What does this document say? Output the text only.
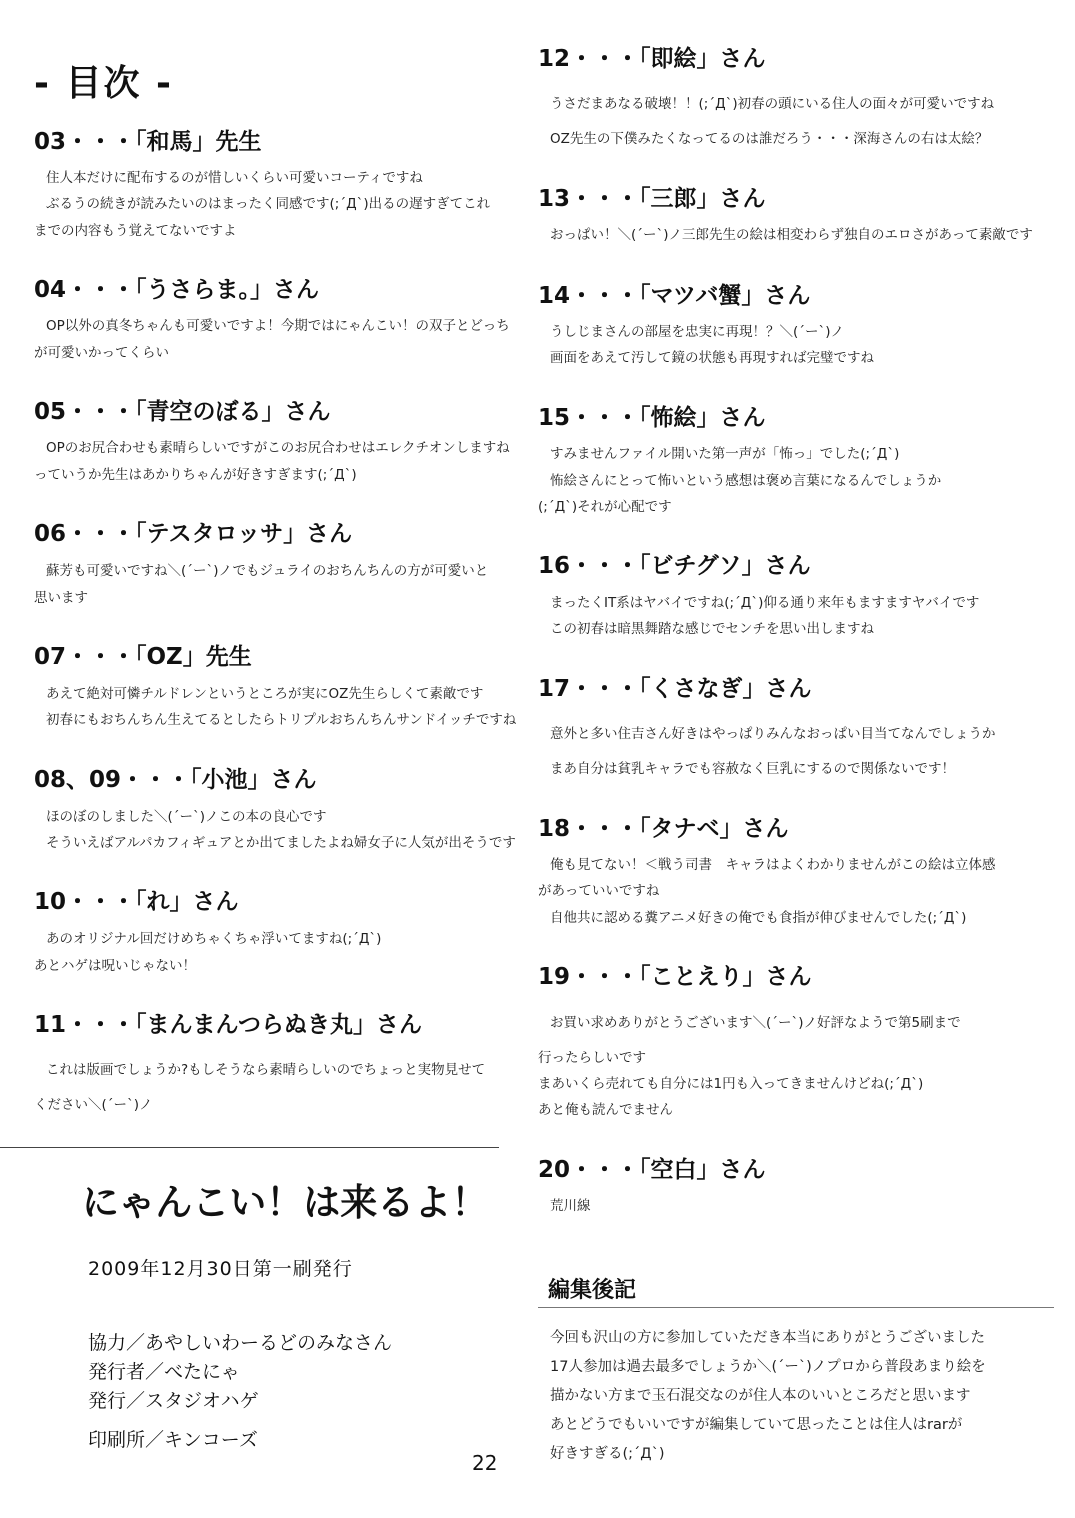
- 目次 -
03・・・「和馬」先生
住人本だけに配布するのが惜しいくらい可愛いコーティですね
ぶるうの続きが読みたいのはまったく同感です(;´Д`)出るの遅すぎてこれ
までの内容もう覚えてないですよ
04・・・「うさらま。」さん
OP以外の真冬ちゃんも可愛いですよ！今期ではにゃんこい！の双子とどっち
が可愛いかってくらい
05・・・「青空のぼる」さん
OPのお尻合わせも素晴らしいですがこのお尻合わせはエレクチオンしますね
っていうか先生はあかりちゃんが好きすぎます(;´Д`)
06・・・「テスタロッサ」さん
蘇芳も可愛いですね＼(´ー`)ノでもジュライのおちんちんの方が可愛いと
思います
07・・・「OZ」先生
あえて絶対可憐チルドレンというところが実にOZ先生らしくて素敵です
初春にもおちんちん生えてるとしたらトリプルおちんちんサンドイッチですね
08、09・・・「小池」さん
ほのぼのしました＼(´ー`)ノこの本の良心です
そういえばアルパカフィギュアとか出てましたよね婦女子に人気が出そうです
10・・・「れ」さん
あのオリジナル回だけめちゃくちゃ浮いてますね(;´Д`)
あとハゲは呪いじゃない！
11・・・「まんまんつらぬき丸」さん
これは版画でしょうか?もしそうなら素晴らしいのでちょっと実物見せて
ください＼(´ー`)ノ
12・・・「即絵」さん
うさだまあなる破壊！！(;´Д`)初春の頭にいる住人の面々が可愛いですね
OZ先生の下僕みたくなってるのは誰だろう・・・深海さんの右は太絵？
13・・・「三郎」さん
おっぱい！＼(´ー`)ノ三郎先生の絵は相変わらず独自のエロさがあって素敵です
14・・・「マツバ蟹」さん
うしじまさんの部屋を忠実に再現！？＼(´ー`)ノ
画面をあえて汚して鏡の状態も再現すれば完璧ですね
15・・・「怖絵」さん
すみませんファイル開いた第一声が「怖っ」でした(;´Д`)
怖絵さんにとって怖いという感想は褒め言葉になるんでしょうか
(;´Д`)それが心配です
16・・・「ビチグソ」さん
まったくIT系はヤバイですね(;´Д`)仰る通り来年もますますヤバイです
この初春は暗黒舞踏な感じでセンチを思い出しますね
17・・・「くさなぎ」さん
意外と多い住吉さん好きはやっぱりみんなおっぱい目当てなんでしょうか
まあ自分は貧乳キャラでも容赦なく巨乳にするので関係ないです！
18・・・「タナベ」さん
俺も見てない！＜戦う司書　キャラはよくわかりませんがこの絵は立体感
があっていいですね
自他共に認める糞アニメ好きの俺でも食指が伸びませんでした(;´Д`)
19・・・「ことえり」さん
お買い求めありがとうございます＼(´ー`)ノ好評なようで第5刷まで
行ったらしいです
まあいくら売れても自分には1円も入ってきませんけどね(;´Д`)
あと俺も読んでません
20・・・「空白」さん
荒川線
にゃんこい！は来るよ！
2009年12月30日第一刷発行
協力／あやしいわーるどのみなさん
発行者／べたにゃ
発行／スタジオハゲ
印刷所／キンコーズ
編集後記
今回も沢山の方に参加していただき本当にありがとうございました
17人参加は過去最多でしょうか＼(´ー`)ノプロから普段あまり絵を
描かない方まで玉石混交なのが住人本のいいところだと思います
あとどうでもいいですが編集していて思ったことは住人はrarが
好きすぎる(;´Д`)
22
